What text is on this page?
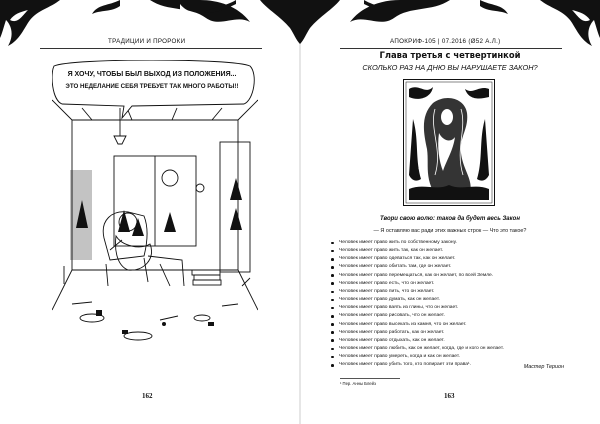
ТРАДИЦИИ И ПРОРОКИ
Я ХОЧУ, ЧТОБЫ БЫЛ ВЫХОД ИЗ ПОЛОЖЕНИЯ...
ЭТО НЕДЕЛАНИЕ СЕБЯ ТРЕБУЕТ ТАК МНОГО РАБОТЫ!!
162
АПОКРИФ-105 | 07.2016 (Ø52 А.Л.)
Глава третья с четвертинкой
СКОЛЬКО РАЗ НА ДНЮ ВЫ НАРУШАЕТЕ ЗАКОН?
Твори свою волю: таков да будет весь Закон
— Я оставляю вас ради этих важных строк — Что это такое?
Человек имеет право жить по собственному закону.
Человек имеет право жить так, как он желает.
Человек имеет право одеваться так, как он желает.
Человек имеет право обитать там, где он желает.
Человек имеет право перемещаться, как он желает, по всей Земле.
Человек имеет право есть, что он желает.
Человек имеет право пить, что он желает.
Человек имеет право думать, как он желает.
Человек имеет право ваять из глины, что он желает.
Человек имеет право рисовать, что он желает.
Человек имеет право высекать из камня, что он желает.
Человек имеет право работать, как он желает.
Человек имеет право отдыхать, как он желает.
Человек имеет право любить, как он желает, когда, где и кого он желает.
Человек имеет право умереть, когда и как он желает.
Человек имеет право убить того, кто попирает эти права¹.	Мастер Терион
¹ Пер. Анны Блейз
163
